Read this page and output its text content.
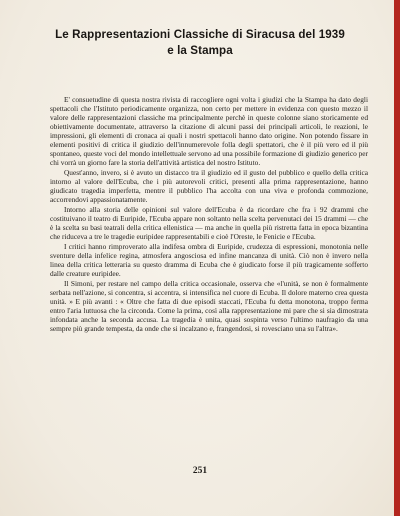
Le Rappresentazioni Classiche di Siracusa del 1939
e la Stampa

E' consuetudine di questa nostra rivista di raccogliere ogni volta i giudizi che la Stampa ha dato degli spettacoli che l'Istituto periodicamente organizza, non certo per mettere in evidenza con questo mezzo il valore delle rappresentazioni classiche ma principalmente perchè in queste colonne siano storicamente ed obiettivamente documentate, attraverso la citazione di alcuni passi dei principali articoli, le reazioni, le impressioni, gli elementi di cronaca ai quali i nostri spettacoli hanno dato origine. Non potendo fissare in elementi positivi di critica il giudizio dell'innumerevole folla degli spettatori, che è il più vero ed il più spontaneo, queste voci del mondo intellettuale servono ad una possibile formazione di giudizio generico per chi vorrà un giorno fare la storia dell'attività artistica del nostro Istituto.

Quest'anno, invero, si è avuto un distacco tra il giudizio ed il gusto del pubblico e quello della critica intorno al valore dell'Ecuba, che i più autorevoli critici, presenti alla prima rappresentazione, hanno giudicato tragedia imperfetta, mentre il pubblico l'ha accolta con una viva e profonda commozione, accorrendovi appassionatamente.

Intorno alla storia delle opinioni sul valore dell'Ecuba è da ricordare che fra i 92 drammi che costituivano il teatro di Euripide, l'Ecuba appare non soltanto nella scelta pervenutaci dei 15 drammi — che è la scelta su basi teatrali della critica ellenistica — ma anche in quella più ristretta fatta in epoca bizantina che riduceva a tre le tragedie euripidee rappresentabili e cioè l'Oreste, le Fenicie e l'Ecuba.

I critici hanno rimproverato alla indifesa ombra di Euripide, crudezza di espressioni, monotonia nelle sventure della infelice regina, atmosfera angosciosa ed infine mancanza di unità. Ciò non è invero nella linea della critica letteraria su questo dramma di Ecuba che è giudicato forse il più tragicamente sofferto dalle creature euripidee.

Il Simoni, per restare nel campo della critica occasionale, osserva che «l'unità, se non è formalmente serbata nell'azione, si concentra, si accentra, si intensifica nel cuore di Ecuba. Il dolore materno crea questa unità. » E più avanti : « Oltre che fatta di due episodi staccati, l'Ecuba fu detta monotona, troppo ferma entro l'aria luttuosa che la circonda. Come la prima, così alla rappresentazione mi pare che si sia dimostrata infondata anche la seconda accusa. La tragedia è unita, quasi sospinta verso l'ultimo naufragio da una sempre più grande tempesta, da onde che si incalzano e, frangendosi, si rovesciano una su l'altra».

251
